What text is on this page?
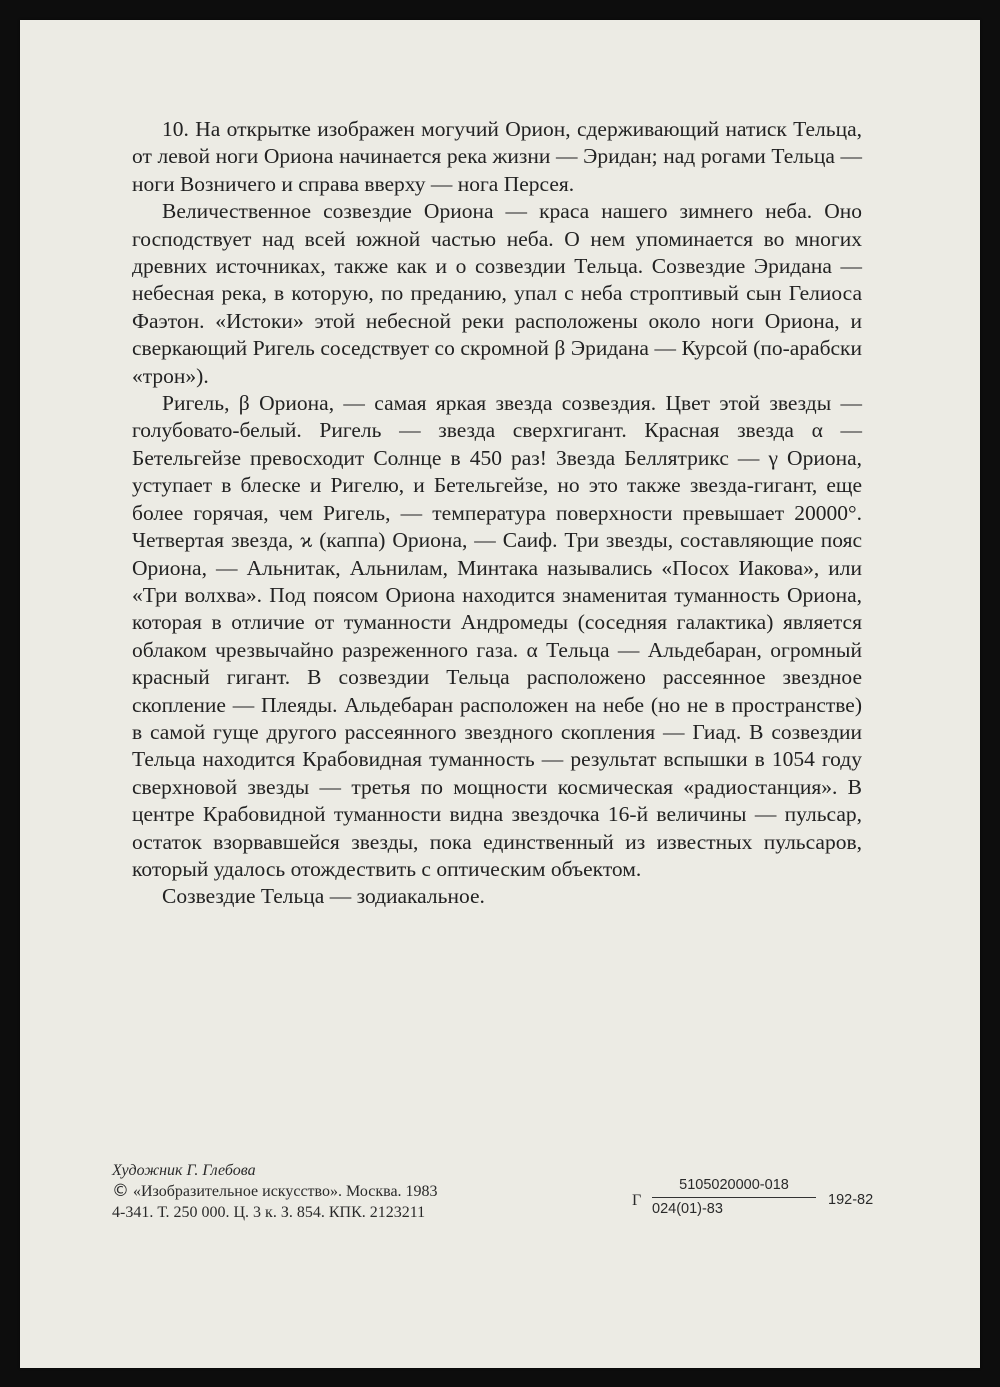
10. На открытке изображен могучий Орион, сдерживающий натиск Тельца, от левой ноги Ориона начинается река жизни — Эридан; над рогами Тельца — ноги Возничего и справа вверху — нога Персея.

Величественное созвездие Ориона — краса нашего зимнего неба. Оно господствует над всей южной частью неба. О нем упоминается во многих древних источниках, также как и о созвездии Тельца. Созвездие Эридана — небесная река, в которую, по преданию, упал с неба строптивый сын Гелиоса Фаэтон. «Истоки» этой небесной реки расположены около ноги Ориона, и сверкающий Ригель соседствует со скромной β Эридана — Курсой (по-арабски «трон»).

Ригель, β Ориона, — самая яркая звезда созвездия. Цвет этой звезды — голубовато-белый. Ригель — звезда сверхгигант. Красная звезда α — Бетельгейзе превосходит Солнце в 450 раз! Звезда Беллятрикс — γ Ориона, уступает в блеске и Ригелю, и Бетельгейзе, но это также звезда-гигант, еще более горячая, чем Ригель, — температура поверхности превышает 20000°. Четвертая звезда, ϰ (каппа) Ориона, — Саиф. Три звезды, составляющие пояс Ориона, — Альнитак, Альнилам, Минтака назывались «Посох Иакова», или «Три волхва». Под поясом Ориона находится знаменитая туманность Ориона, которая в отличие от туманности Андромеды (соседняя галактика) является облаком чрезвычайно разреженного газа. α Тельца — Альдебаран, огромный красный гигант. В созвездии Тельца расположено рассеянное звездное скопление — Плеяды. Альдебаран расположен на небе (но не в пространстве) в самой гуще другого рассеянного звездного скопления — Гиад. В созвездии Тельца находится Крабовидная туманность — результат вспышки в 1054 году сверхновой звезды — третья по мощности космическая «радиостанция». В центре Крабовидной туманности видна звездочка 16-й величины — пульсар, остаток взорвавшейся звезды, пока единственный из известных пульсаров, который удалось отождествить с оптическим объектом.

Созвездие Тельца — зодиакальное.

Художник Г. Глебова
© «Изобразительное искусство». Москва. 1983
4-341. Т. 250 000. Ц. 3 к. З. 854. КПК. 2123211
Г
5105020000-018
024(01)-83
192-82
